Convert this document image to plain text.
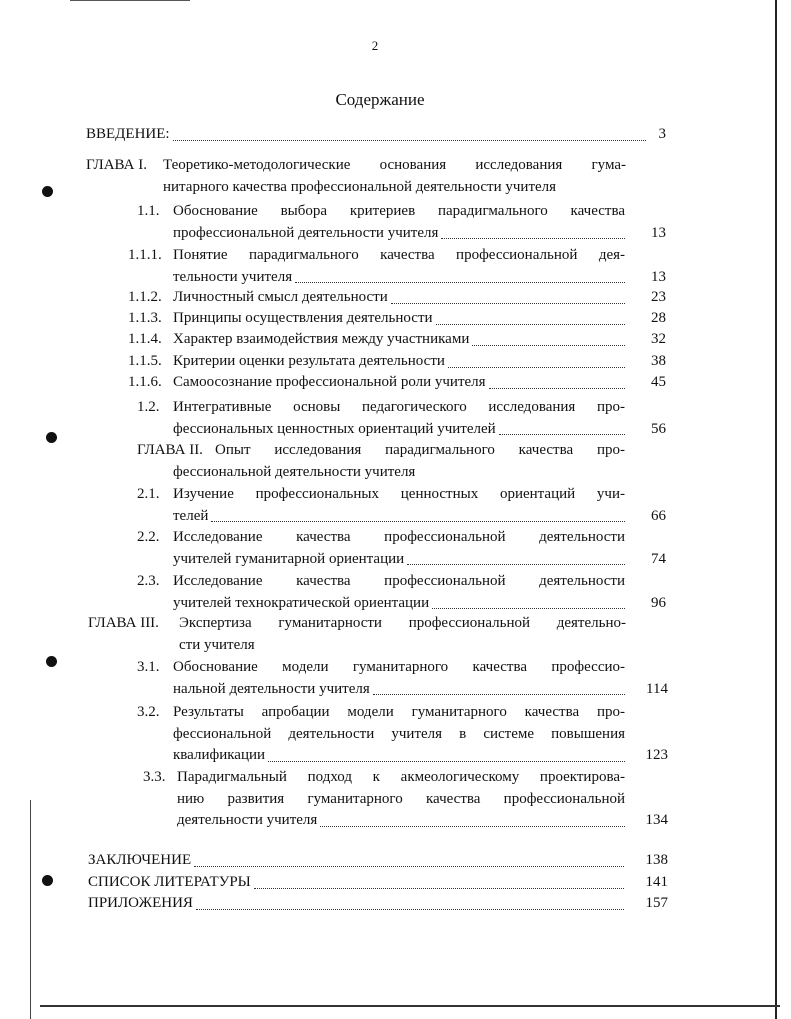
2
Содержание
ВВЕДЕНИЕ:	3
ГЛАВА I. Теоретико-методологические основания исследования гума-
нитарного качества профессиональной деятельности учителя
1.1. Обоснование выбора критериев парадигмального качества
профессиональной деятельности учителя	13
1.1.1. Понятие парадигмального качества профессиональной дея-
тельности учителя	13
1.1.2. Личностный смысл деятельности	23
1.1.3. Принципы осуществления деятельности	28
1.1.4. Характер взаимодействия между участниками	32
1.1.5. Критерии оценки результата деятельности	38
1.1.6. Самоосознание профессиональной роли учителя	45
1.2. Интегративные основы педагогического исследования про-
фессиональных ценностных ориентаций учителей	56
ГЛАВА II. Опыт исследования парадигмального качества про-
фессиональной деятельности учителя
2.1. Изучение профессиональных ценностных ориентаций учи-
телей	66
2.2. Исследование качества профессиональной деятельности
учителей гуманитарной ориентации	74
2.3. Исследование качества профессиональной деятельности
учителей технократической ориентации	96
ГЛАВА III. Экспертиза гуманитарности профессиональной деятельно-
сти учителя
3.1. Обоснование модели гуманитарного качества профессио-
нальной деятельности учителя	114
3.2. Результаты апробации модели гуманитарного качества про-
фессиональной деятельности учителя в системе повышения
квалификации	123
3.3. Парадигмальный подход к акмеологическому проектирова-
нию развития гуманитарного качества профессиональной
деятельности учителя	134
ЗАКЛЮЧЕНИЕ	138
СПИСОК ЛИТЕРАТУРЫ	141
ПРИЛОЖЕНИЯ	157
